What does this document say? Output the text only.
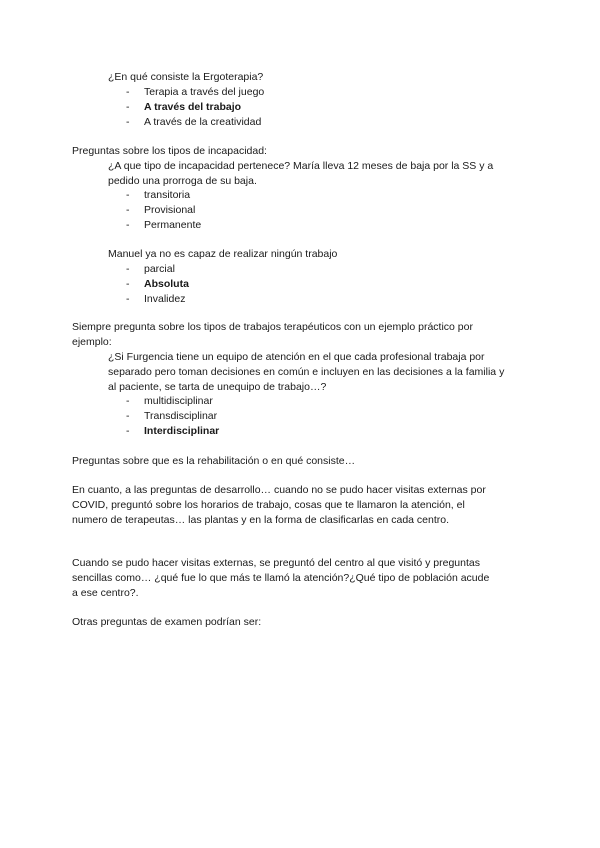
¿En qué consiste la Ergoterapia?
-	Terapia a través del juego
-	A través del trabajo
-	A través de la creatividad
Preguntas sobre los tipos de incapacidad:
¿A que tipo de incapacidad pertenece? María lleva 12 meses de baja por la SS y a
pedido una prorroga de su baja.
-	transitoria
-	Provisional
-	Permanente
Manuel ya no es capaz de realizar ningún trabajo
-	parcial
-	Absoluta
-	Invalidez
Siempre pregunta sobre los tipos de trabajos terapéuticos con un ejemplo práctico por
ejemplo:
¿Si Furgencia tiene un equipo de atención en el que cada profesional trabaja por
separado pero toman decisiones en común e incluyen en las decisiones a la familia y
al paciente, se tarta de unequipo de trabajo…?
-	multidisciplinar
-	Transdisciplinar
-	Interdisciplinar
Preguntas sobre que es la rehabilitación o en qué consiste…
En cuanto, a las preguntas de desarrollo… cuando no se pudo hacer visitas externas por
COVID, preguntó sobre los horarios de trabajo, cosas que te llamaron la atención, el
numero de terapeutas… las plantas y en la forma de clasificarlas en cada centro.
Cuando se pudo hacer visitas externas, se preguntó del centro al que visitó y preguntas
sencillas como… ¿qué fue lo que más te llamó la atención?¿Qué tipo de población acude
a ese centro?.
Otras preguntas de examen podrían ser:
